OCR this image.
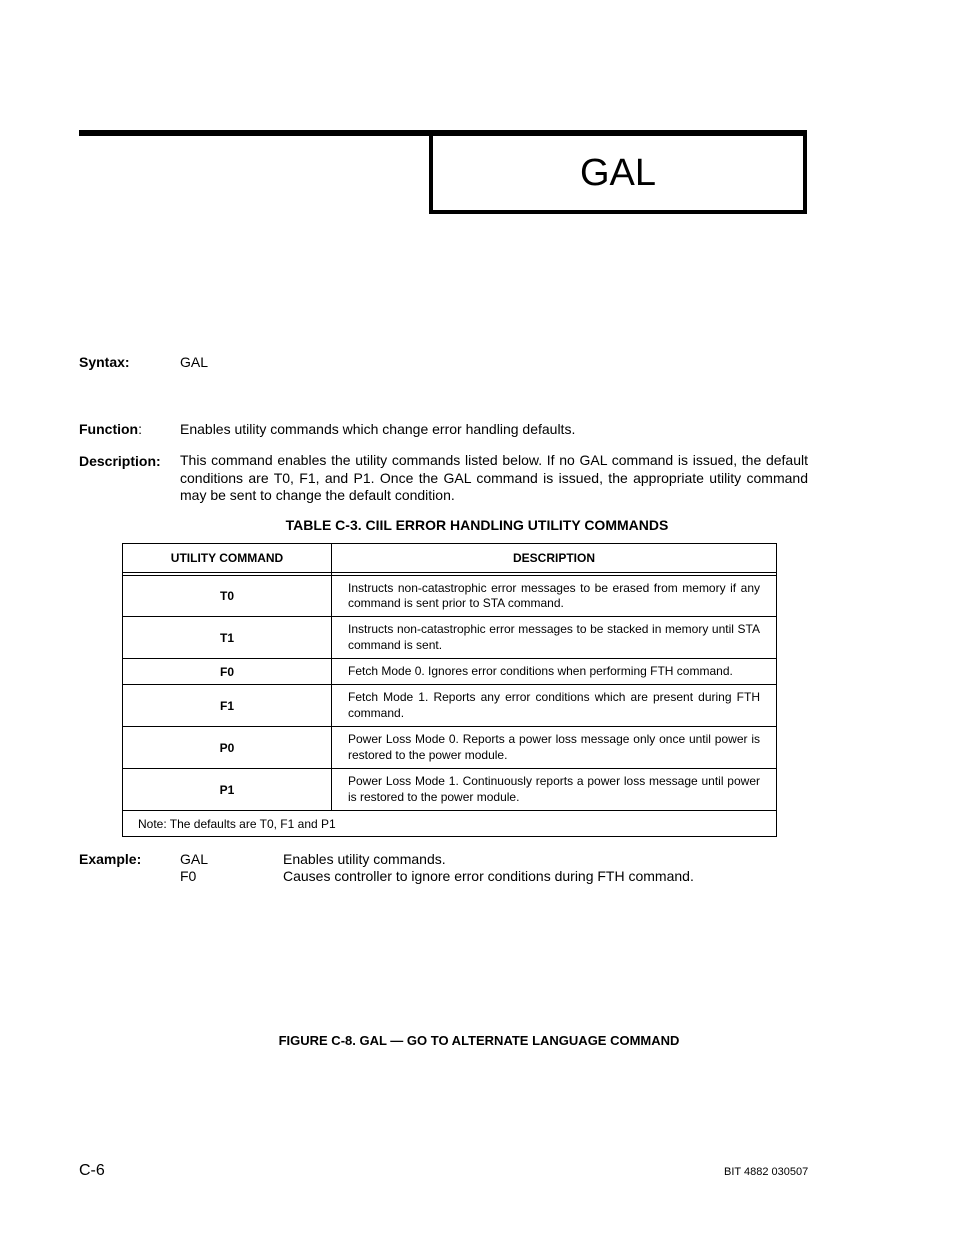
GAL
Syntax:	GAL
Function:	Enables utility commands which change error handling defaults.
Description: This command enables the utility commands listed below. If no GAL command is issued, the default conditions are T0, F1, and P1. Once the GAL command is issued, the appropriate utility command may be sent to change the default condition.
TABLE C-3. CIIL ERROR HANDLING UTILITY COMMANDS
UTILITY COMMAND	DESCRIPTION

T0	Instructs non-catastrophic error messages to be erased from memory if any command is sent prior to STA command.
T1	Instructs non-catastrophic error messages to be stacked in memory until STA command is sent.
F0	Fetch Mode 0. Ignores error conditions when performing FTH command.
F1	Fetch Mode 1. Reports any error conditions which are present during FTH command.
P0	Power Loss Mode 0. Reports a power loss message only once until power is restored to the power module.
P1	Power Loss Mode 1. Continuously reports a power loss message until power is restored to the power module.
Note: The defaults are T0, F1 and P1	
Example:	GAL	Enables utility commands.
F0	Causes controller to ignore error conditions during FTH command.
FIGURE C-8. GAL — GO TO ALTERNATE LANGUAGE COMMAND
C-6	BIT 4882 030507
